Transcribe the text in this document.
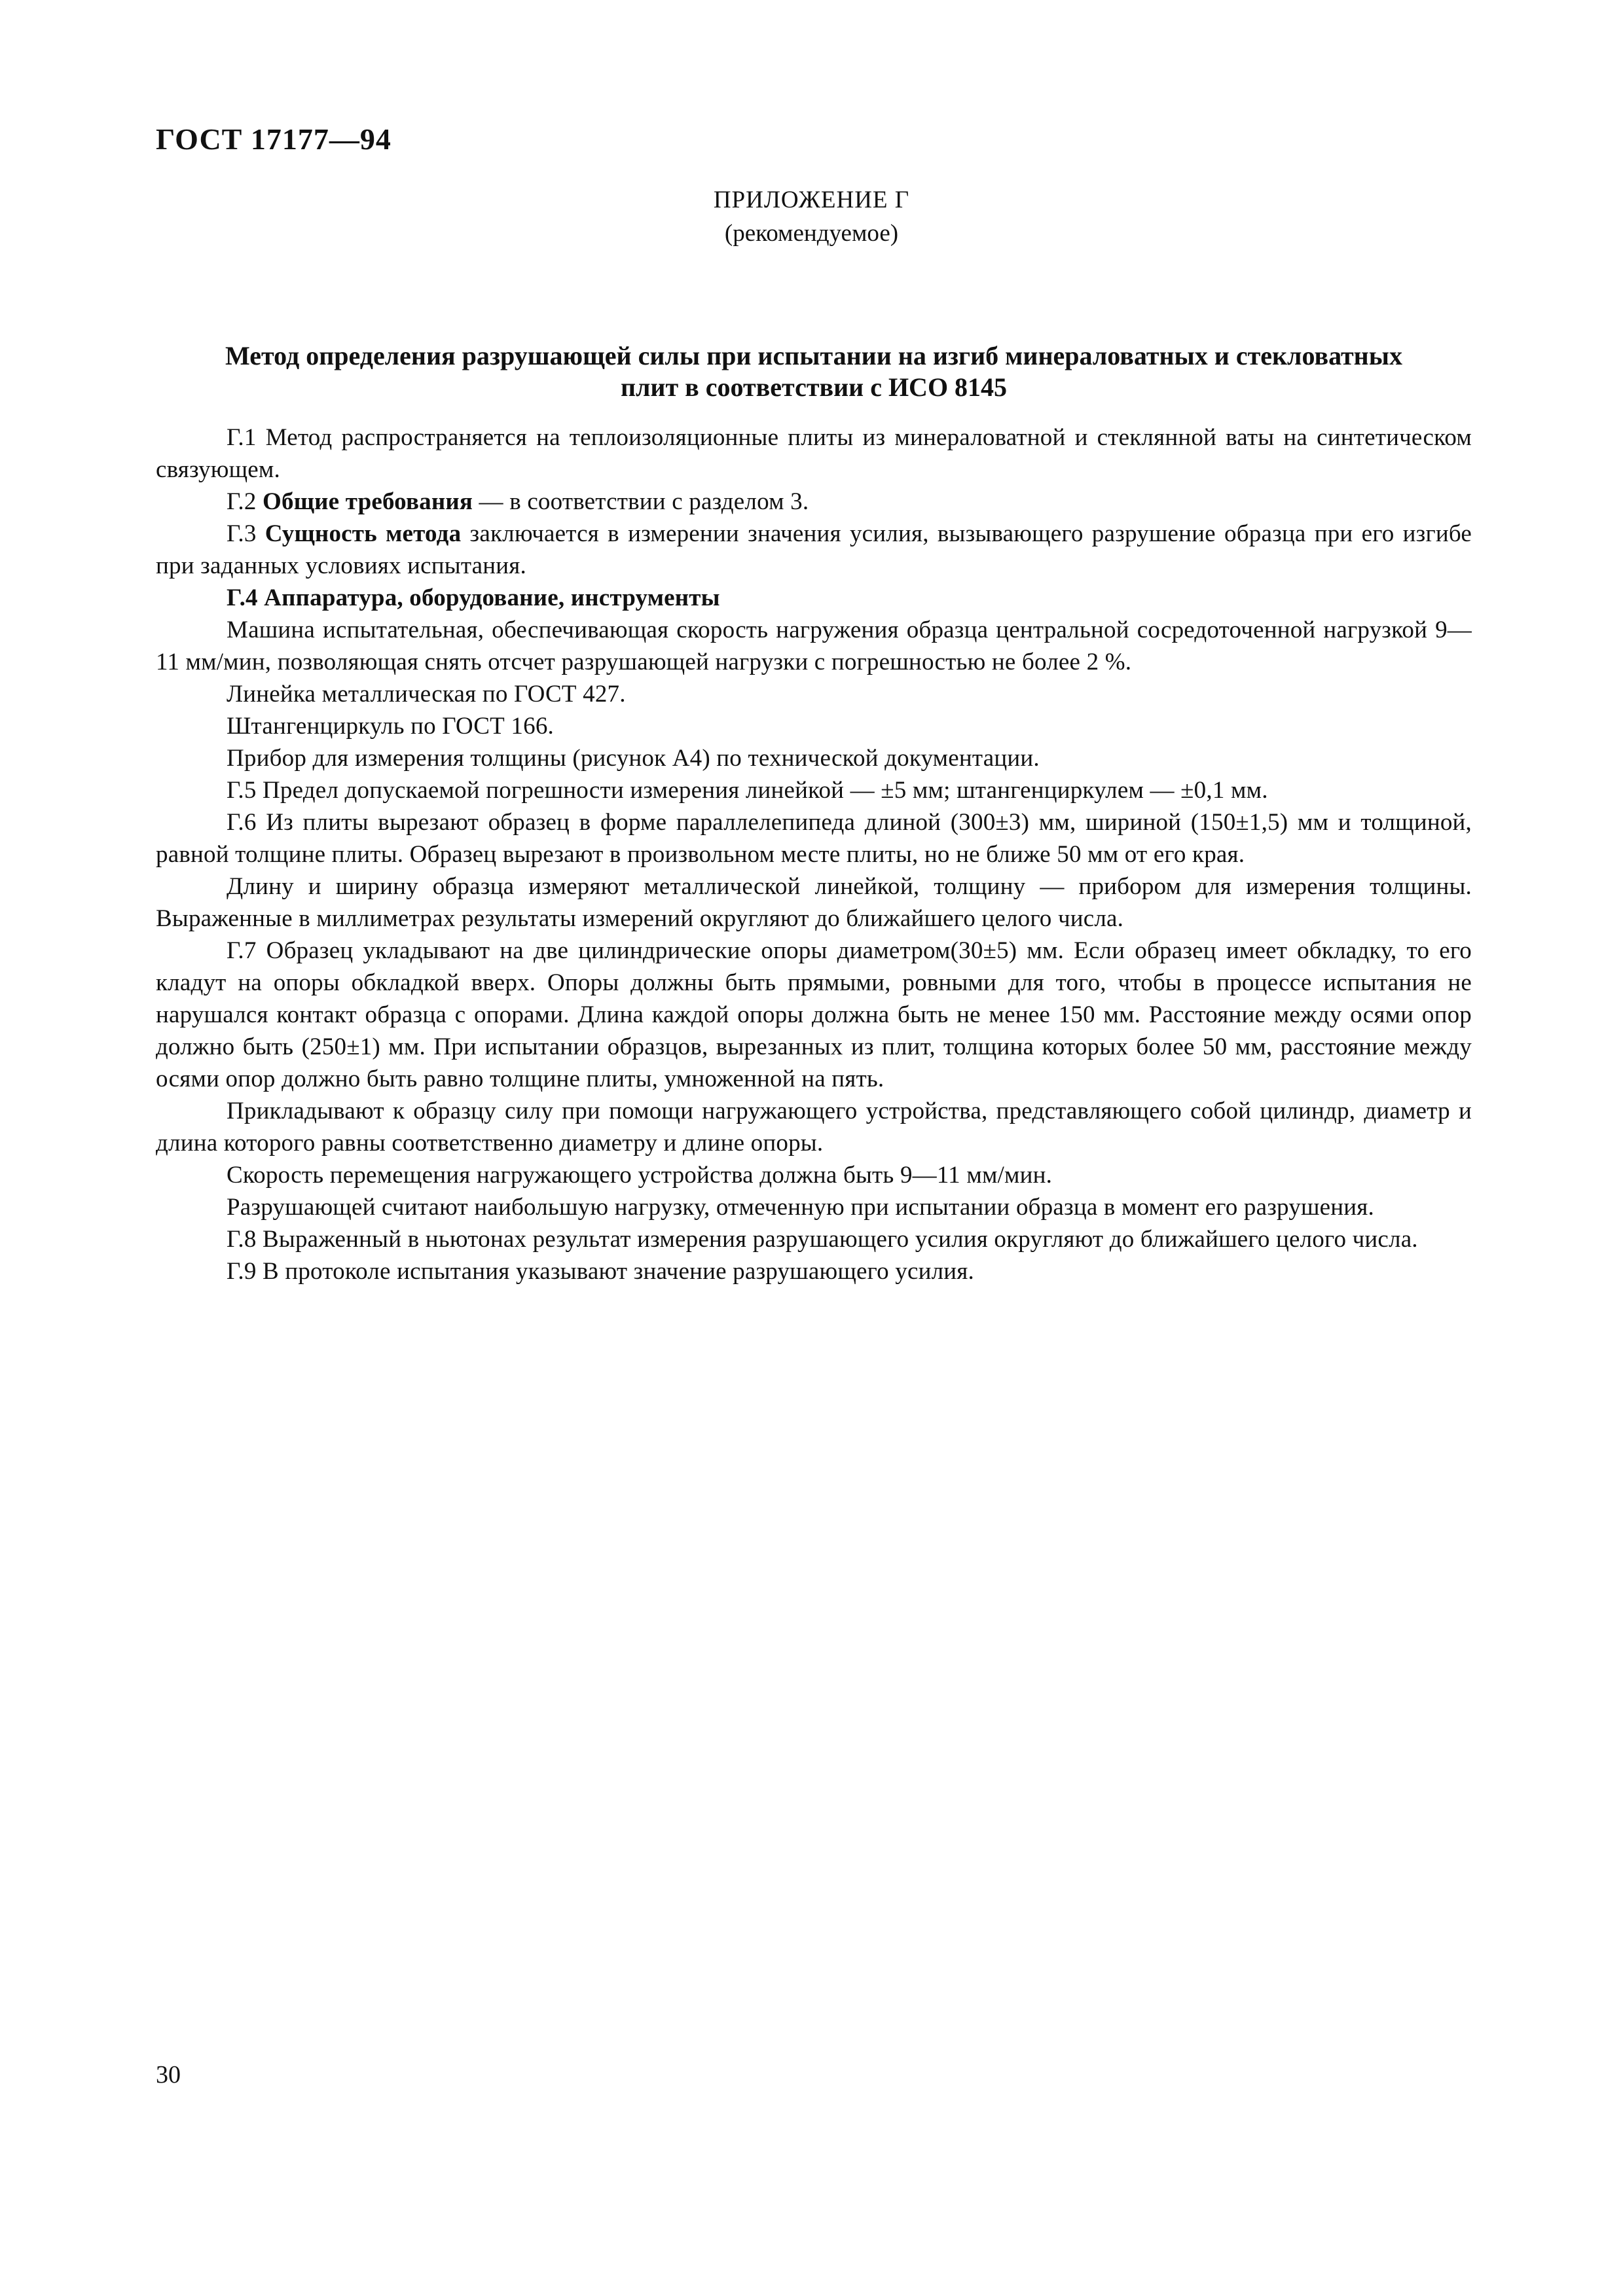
ГОСТ 17177—94
ПРИЛОЖЕНИЕ Г
(рекомендуемое)
Метод определения разрушающей силы при испытании на изгиб минераловатных и стекловатных
плит в соответствии с ИСО 8145

Г.1 Метод распространяется на теплоизоляционные плиты из минераловатной и стеклянной ваты на синтетическом связующем.

Г.2 Общие требования — в соответствии с разделом 3.

Г.3 Сущность метода заключается в измерении значения усилия, вызывающего разрушение образца при его изгибе при заданных условиях испытания.

Г.4 Аппаратура, оборудование, инструменты

Машина испытательная, обеспечивающая скорость нагружения образца центральной сосредоточенной нагрузкой 9—11 мм/мин, позволяющая снять отсчет разрушающей нагрузки с погрешностью не более 2 %.

Линейка металлическая по ГОСТ 427.

Штангенциркуль по ГОСТ 166.

Прибор для измерения толщины (рисунок А4) по технической документации.

Г.5 Предел допускаемой погрешности измерения линейкой — ±5 мм; штангенциркулем — ±0,1 мм.

Г.6 Из плиты вырезают образец в форме параллелепипеда длиной (300±3) мм, шириной (150±1,5) мм и толщиной, равной толщине плиты. Образец вырезают в произвольном месте плиты, но не ближе 50 мм от его края.

Длину и ширину образца измеряют металлической линейкой, толщину — прибором для измерения толщины. Выраженные в миллиметрах результаты измерений округляют до ближайшего целого числа.

Г.7 Образец укладывают на две цилиндрические опоры диаметром(30±5) мм. Если образец имеет обкладку, то его кладут на опоры обкладкой вверх. Опоры должны быть прямыми, ровными для того, чтобы в процессе испытания не нарушался контакт образца с опорами. Длина каждой опоры должна быть не менее 150 мм. Расстояние между осями опор должно быть (250±1) мм. При испытании образцов, вырезанных из плит, толщина которых более 50 мм, расстояние между осями опор должно быть равно толщине плиты, умноженной на пять.

Прикладывают к образцу силу при помощи нагружающего устройства, представляющего собой цилиндр, диаметр и длина которого равны соответственно диаметру и длине опоры.

Скорость перемещения нагружающего устройства должна быть 9—11 мм/мин.

Разрушающей считают наибольшую нагрузку, отмеченную при испытании образца в момент его разрушения.

Г.8 Выраженный в ньютонах результат измерения разрушающего усилия округляют до ближайшего целого числа.

Г.9 В протоколе испытания указывают значение разрушающего усилия.

30
